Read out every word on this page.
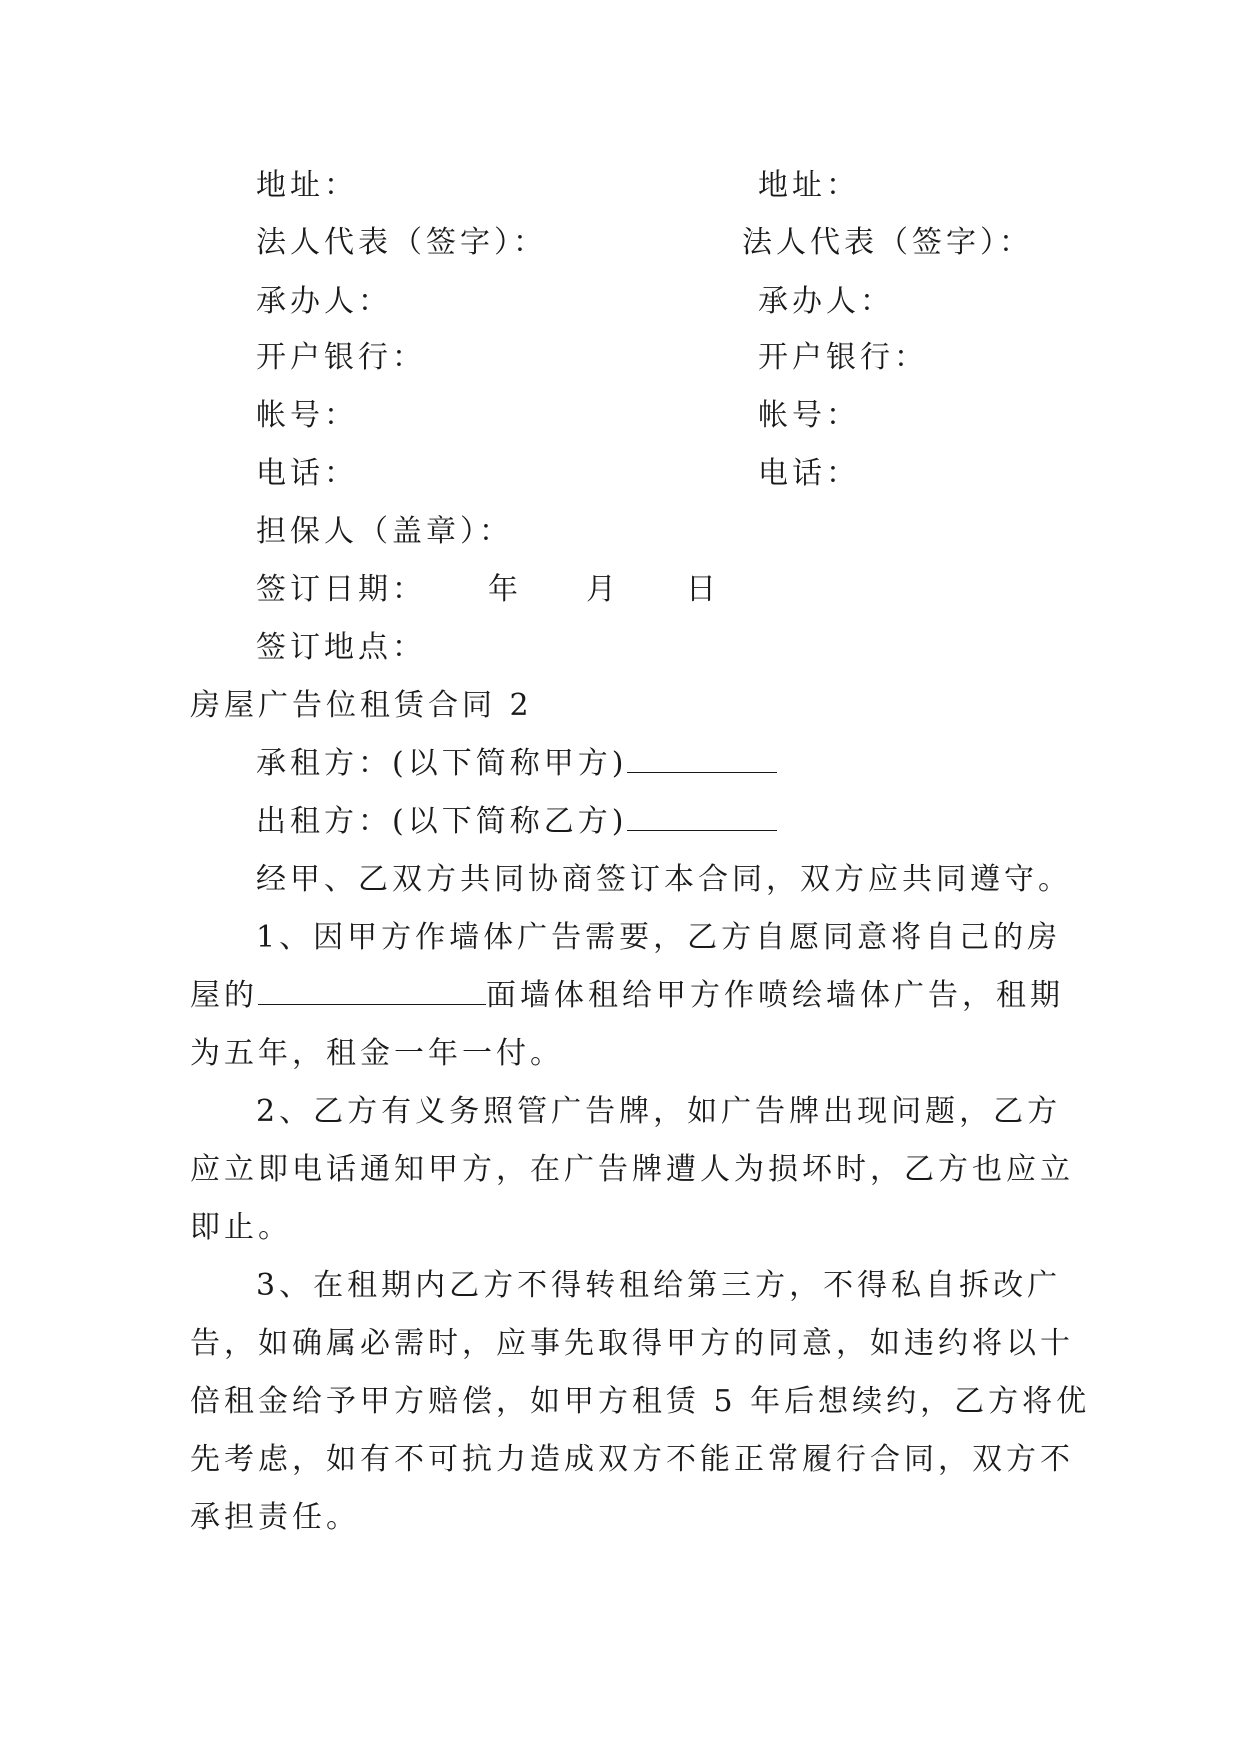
地址：
法人代表（签字）：
承办人：
开户银行：
帐号：
电话：
担保人（盖章）：
签订日期： 年 月 日
签订地点：
地址：
法人代表（签字）：
承办人：
开户银行：
帐号：
电话：
房屋广告位租赁合同 2
承租方：(以下简称甲方)
出租方：(以下简称乙方)
经甲、乙双方共同协商签订本合同，双方应共同遵守。
1、因甲方作墙体广告需要，乙方自愿同意将自己的房
屋的	面墙体租给甲方作喷绘墙体广告，租期
为五年，租金一年一付。
2、乙方有义务照管广告牌，如广告牌出现问题，乙方
应立即电话通知甲方，在广告牌遭人为损坏时，乙方也应立
即止。
3、在租期内乙方不得转租给第三方，不得私自拆改广
告，如确属必需时，应事先取得甲方的同意，如违约将以十
倍租金给予甲方赔偿，如甲方租赁 5 年后想续约，乙方将优
先考虑，如有不可抗力造成双方不能正常履行合同，双方不
承担责任。
